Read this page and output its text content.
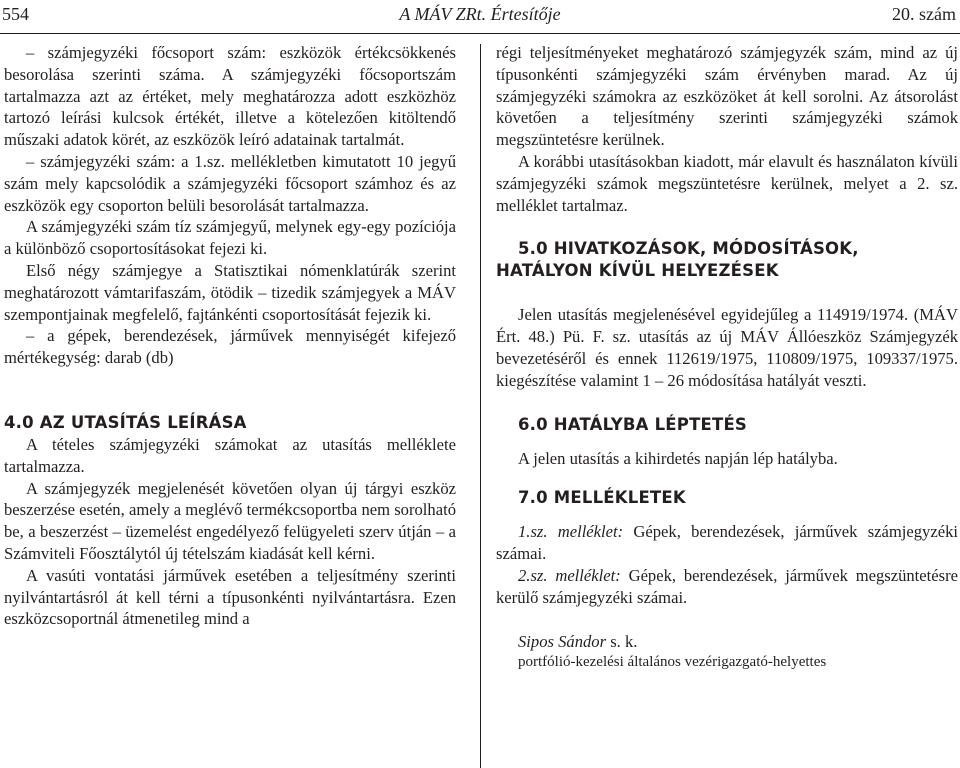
554	A MÁV ZRt. Értesítője	20. szám

– számjegyzéki főcsoport szám: eszközök értékcsökkenés besorolása szerinti száma. A számjegyzéki főcsoportszám tartalmazza azt az értéket, mely meghatározza adott eszközhöz tartozó leírási kulcsok értékét, illetve a kötelezően kitöltendő műszaki adatok körét, az eszközök leíró adatainak tartalmát.

– számjegyzéki szám: a 1.sz. mellékletben kimutatott 10 jegyű szám mely kapcsolódik a számjegyzéki főcsoport számhoz és az eszközök egy csoporton belüli besorolását tartalmazza.

A számjegyzéki szám tíz számjegyű, melynek egy-egy pozíciója a különböző csoportosításokat fejezi ki.

Első négy számjegye a Statisztikai nómenklatúrák szerint meghatározott vámtarifaszám, ötödik – tizedik számjegyek a MÁV szempontjainak megfelelő, fajtánkénti csoportosítását fejezik ki.

– a gépek, berendezések, járművek mennyiségét kifejező mértékegység: darab (db)

4.0 AZ UTASÍTÁS LEÍRÁSA

A tételes számjegyzéki számokat az utasítás melléklete tartalmazza.

A számjegyzék megjelenését követően olyan új tárgyi eszköz beszerzése esetén, amely a meglévő termékcsoportba nem sorolható be, a beszerzést – üzemelést engedélyező felügyeleti szerv útján – a Számviteli Főosztálytól új tételszám kiadását kell kérni.

A vasúti vontatási járművek esetében a teljesítmény szerinti nyilvántartásról át kell térni a típusonkénti nyilvántartásra. Ezen eszközcsoportnál átmenetileg mind a

régi teljesítményeket meghatározó számjegyzék szám, mind az új típusonkénti számjegyzéki szám érvényben marad. Az új számjegyzéki számokra az eszközöket át kell sorolni. Az átsorolást követően a teljesítmény szerinti számjegyzéki számok megszüntetésre kerülnek.

A korábbi utasításokban kiadott, már elavult és használaton kívüli számjegyzéki számok megszüntetésre kerülnek, melyet a 2. sz. melléklet tartalmaz.

5.0 HIVATKOZÁSOK, MÓDOSÍTÁSOK, HATÁLYON KÍVÜL HELYEZÉSEK

Jelen utasítás megjelenésével egyidejűleg a 114919/1974. (MÁV Ért. 48.) Pü. F. sz. utasítás az új MÁV Állóeszköz Számjegyzék bevezetéséről és ennek 112619/1975, 110809/1975, 109337/1975. kiegészítése valamint 1 – 26 módosítása hatályát veszti.

6.0 HATÁLYBA LÉPTETÉS

A jelen utasítás a kihirdetés napján lép hatályba.

7.0 MELLÉKLETEK

1.sz. melléklet: Gépek, berendezések, járművek számjegyzéki számai.

2.sz. melléklet: Gépek, berendezések, járművek megszüntetésre kerülő számjegyzéki számai.

Sipos Sándor s. k.

portfólió-kezelési általános vezérigazgató-helyettes
